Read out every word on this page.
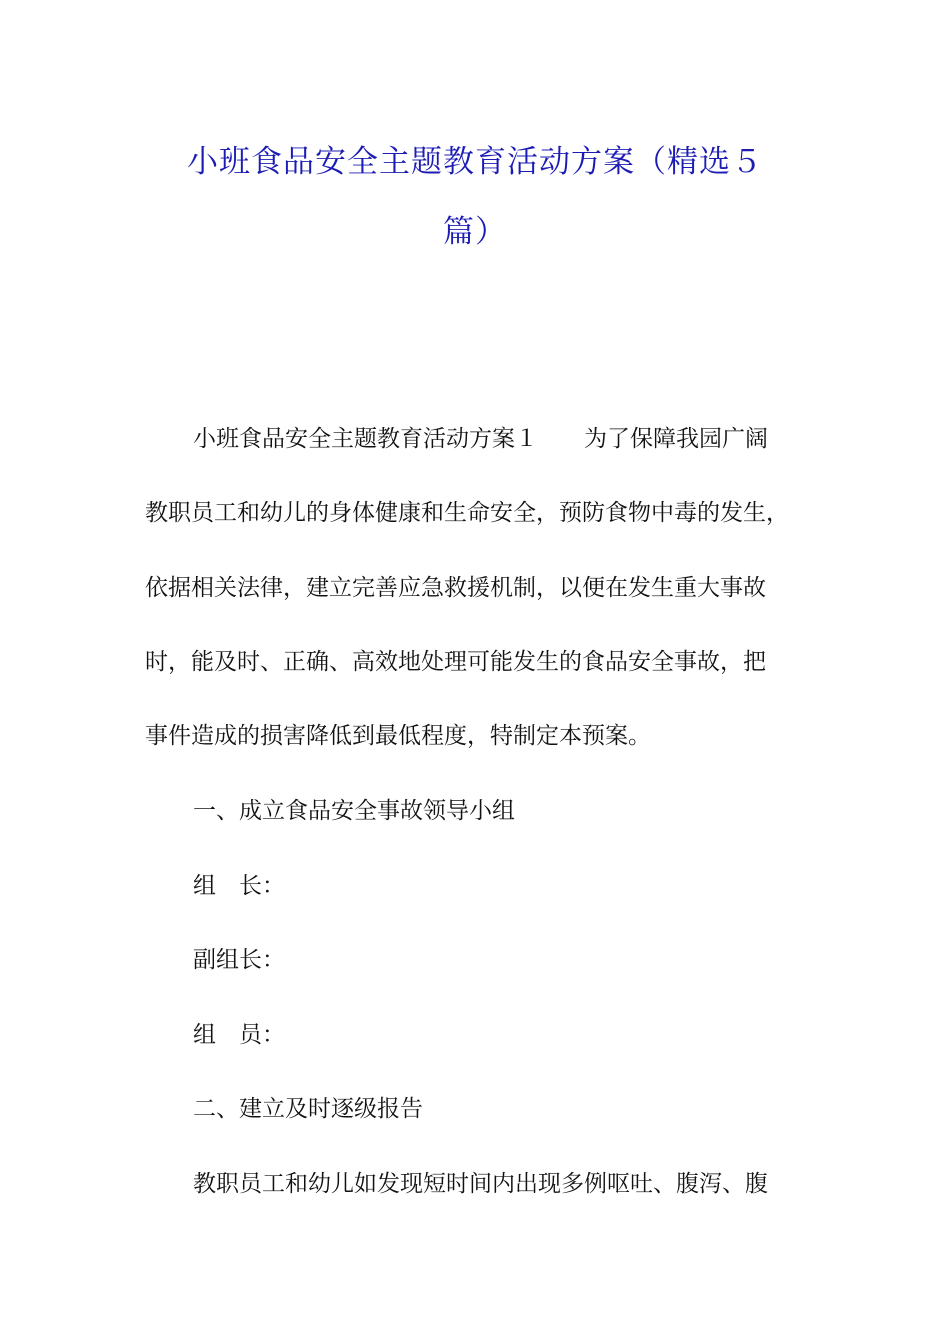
小班食品安全主题教育活动方案（精选５
篇）

小班食品安全主题教育活动方案１　　为了保障我园广阔

教职员工和幼儿的身体健康和生命安全，预防食物中毒的发生，

依据相关法律，建立完善应急救援机制，以便在发生重大事故

时，能及时、正确、高效地处理可能发生的食品安全事故，把

事件造成的损害降低到最低程度，特制定本预案。

一、成立食品安全事故领导小组

组　长：

副组长：

组　员：

二、建立及时逐级报告

教职员工和幼儿如发现短时间内出现多例呕吐、腹泻、腹
